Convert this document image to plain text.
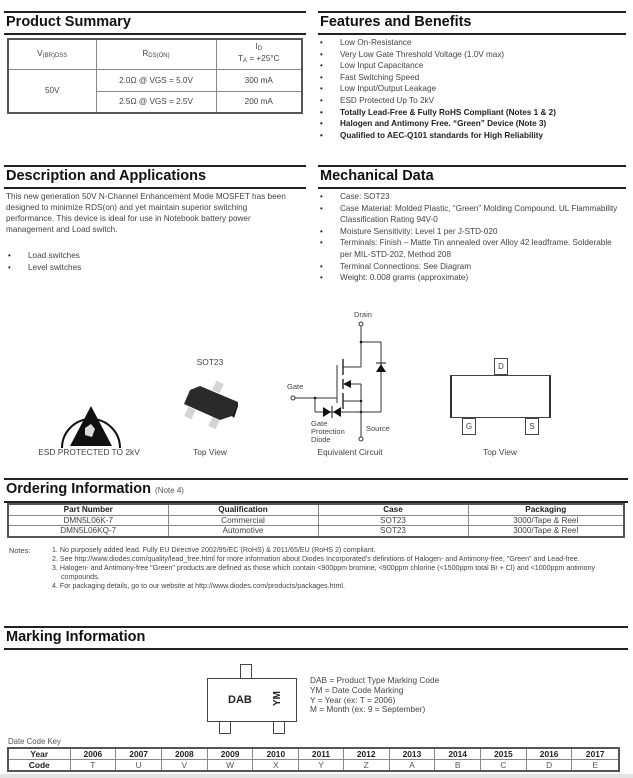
Product Summary
$V_{(BR)DSS}$	$R_{DS(ON)}$	$I_D$
$T_A = +25^\circ C$
50V	2.0Ω @ VGS = 5.0V	300 mA
	2.5Ω @ VGS = 2.5V	200 mA
Features and Benefits
• Low On-Resistance
• Very Low Gate Threshold Voltage (1.0V max)
• Low Input Capacitance
• Fast Switching Speed
• Low Input/Output Leakage
• ESD Protected Up To 2kV
• Totally Lead-Free & Fully RoHS Compliant (Notes 1 & 2)
• Halogen and Antimony Free. “Green” Device (Note 3)
• Qualified to AEC-Q101 standards for High Reliability
Description and Applications

This new generation 50V N-Channel Enhancement Mode MOSFET has been designed to minimize RDS(on) and yet maintain superior switching performance. This device is ideal for use in Notebook battery power management and Load switch.

• Load switches
• Level switches
Mechanical Data
• Case: SOT23
• Case Material: Molded Plastic, “Green” Molding Compound. UL Flammability Classification Rating 94V-0
• Moisture Sensitivity: Level 1 per J-STD-020
• Terminals: Finish – Matte Tin annealed over Alloy 42 leadframe. Solderable per MIL-STD-202, Method 208
• Terminal Connections: See Diagram
• Weight: 0.008 grams (approximate)
ESD PROTECTED TO 2kV
SOT23
Top View
Drain
Gate
Gate
Protection
Diode
Source
Equivalent Circuit
D
G	S
Top View
Ordering Information (Note 4)
Part Number	Qualification	Case	Packaging
DMN5L06K-7	Commercial	SOT23	3000/Tape & Reel
DMN5L06KQ-7	Automotive	SOT23	3000/Tape & Reel
Notes:	1. No purposely added lead. Fully EU Directive 2002/95/EC (RoHS) & 2011/65/EU (RoHS 2) compliant.
2. See http://www.diodes.com/quality/lead_free.html for more information about Diodes Incorporated's definitions of Halogen- and Antimony-free, "Green" and Lead-free.
3. Halogen- and Antimony-free "Green" products are defined as those which contain <900ppm bromine, <900ppm chlorine (<1500ppm total Br + Cl) and <1000ppm antimony compounds.
4. For packaging details, go to our website at http://www.diodes.com/products/packages.html.
Marking Information
DAB YM
DAB = Product Type Marking Code
YM = Date Code Marking
Y = Year (ex: T = 2006)
M = Month (ex: 9 = September)
Date Code Key
Year	2006	2007	2008	2009	2010	2011	2012	2013	2014	2015	2016	2017
Code	T	U	V	W	X	Y	Z	A	B	C	D	E
